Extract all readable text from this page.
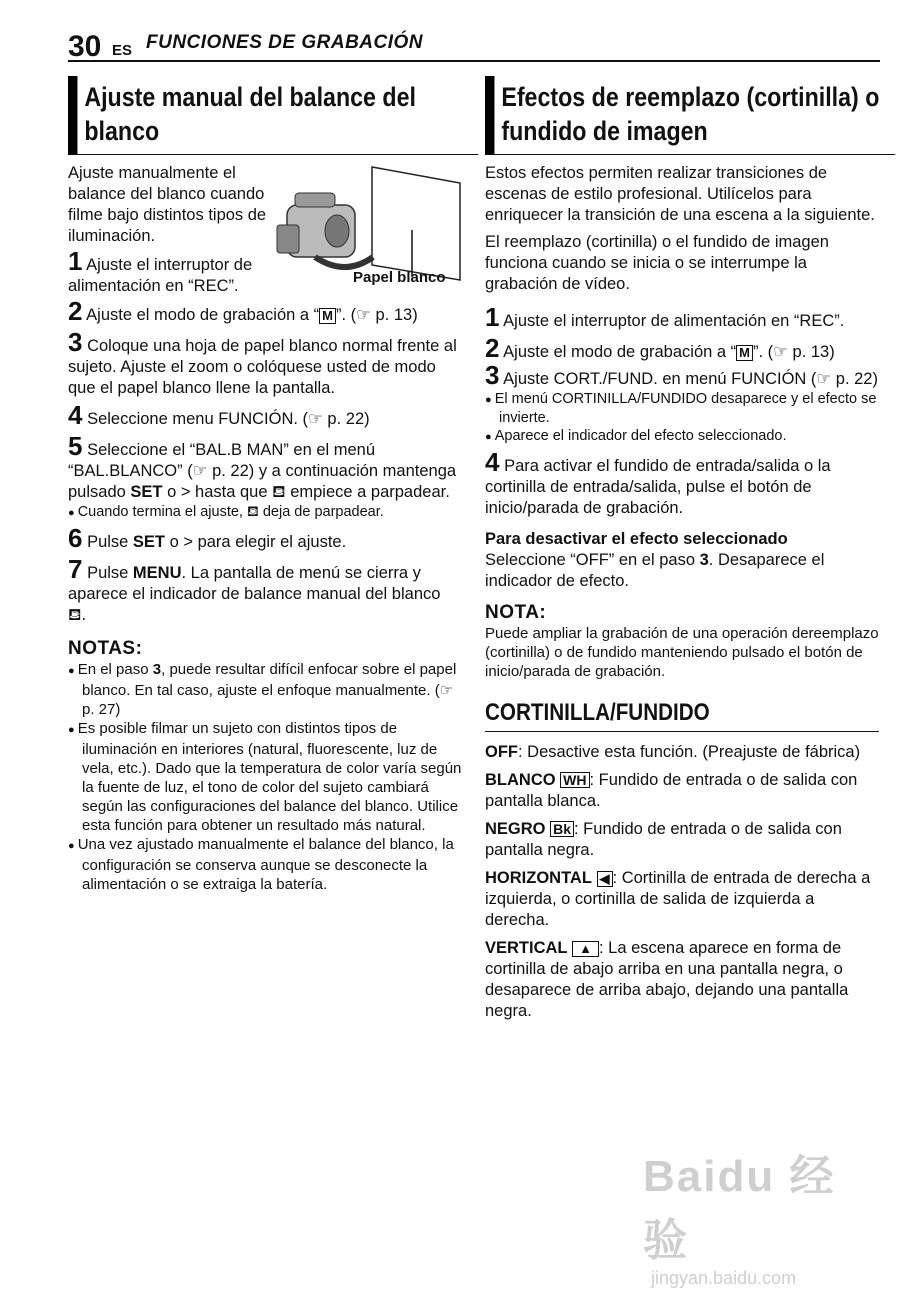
30 ES FUNCIONES DE GRABACIÓN
Ajuste manual del balance del blanco

Ajuste manualmente el balance del blanco cuando filme bajo distintos tipos de iluminación.

1 Ajuste el interruptor de alimentación en “REC”.	Papel blanco

2 Ajuste el modo de grabación a “ M ”. (☞ p. 13)

3 Coloque una hoja de papel blanco normal frente al sujeto. Ajuste el zoom o colóquese usted de modo que el papel blanco llene la pantalla.

4 Seleccione menu FUNCIÓN. (☞ p. 22)

5 Seleccione el “BAL.B MAN” en el menú “BAL.BLANCO” (☞ p. 22) y a continuación mantenga pulsado SET o > hasta que ⛾ empiece a parpadear.

● Cuando termina el ajuste, ⛾ deja de parpadear.

6 Pulse SET o > para elegir el ajuste.

7 Pulse MENU. La pantalla de menú se cierra y aparece el indicador de balance manual del blanco ⛾.

NOTAS:

● En el paso 3, puede resultar difícil enfocar sobre el papel blanco. En tal caso, ajuste el enfoque manualmente. (☞ p. 27)

● Es posible filmar un sujeto con distintos tipos de iluminación en interiores (natural, fluorescente, luz de vela, etc.). Dado que la temperatura de color varía según la fuente de luz, el tono de color del sujeto cambiará según las configuraciones del balance del blanco. Utilice esta función para obtener un resultado más natural.

● Una vez ajustado manualmente el balance del blanco, la configuración se conserva aunque se desconecte la alimentación o se extraiga la batería.

Efectos de reemplazo (cortinilla) o fundido de imagen

Estos efectos permiten realizar transiciones de escenas de estilo profesional. Utilícelos para enriquecer la transición de una escena a la siguiente.

El reemplazo (cortinilla) o el fundido de imagen funciona cuando se inicia o se interrumpe la grabación de vídeo.

1 Ajuste el interruptor de alimentación en “REC”.

2 Ajuste el modo de grabación a “ M ”. (☞ p. 13)

3 Ajuste CORT./FUND. en menú FUNCIÓN (☞ p. 22)

● El menú CORTINILLA/FUNDIDO desaparece y el efecto se invierte.

● Aparece el indicador del efecto seleccionado.

4 Para activar el fundido de entrada/salida o la cortinilla de entrada/salida, pulse el botón de inicio/parada de grabación.

Para desactivar el efecto seleccionado
Seleccione “OFF” en el paso 3. Desaparece el indicador de efecto.

NOTA:

Puede ampliar la grabación de una operación dereemplazo (cortinilla) o de fundido manteniendo pulsado el botón de inicio/parada de grabación.

CORTINILLA/FUNDIDO

OFF: Desactive esta función. (Preajuste de fábrica)

BLANCO WH : Fundido de entrada o de salida con pantalla blanca.

NEGRO Bk : Fundido de entrada o de salida con pantalla negra.

HORIZONTAL ◀ : Cortinilla de entrada de derecha a izquierda, o cortinilla de salida de izquierda a derecha.

VERTICAL ▲ : La escena aparece en forma de cortinilla de abajo arriba en una pantalla negra, o desaparece de arriba abajo, dejando una pantalla negra.

Baidu 经验
jingyan.baidu.com
